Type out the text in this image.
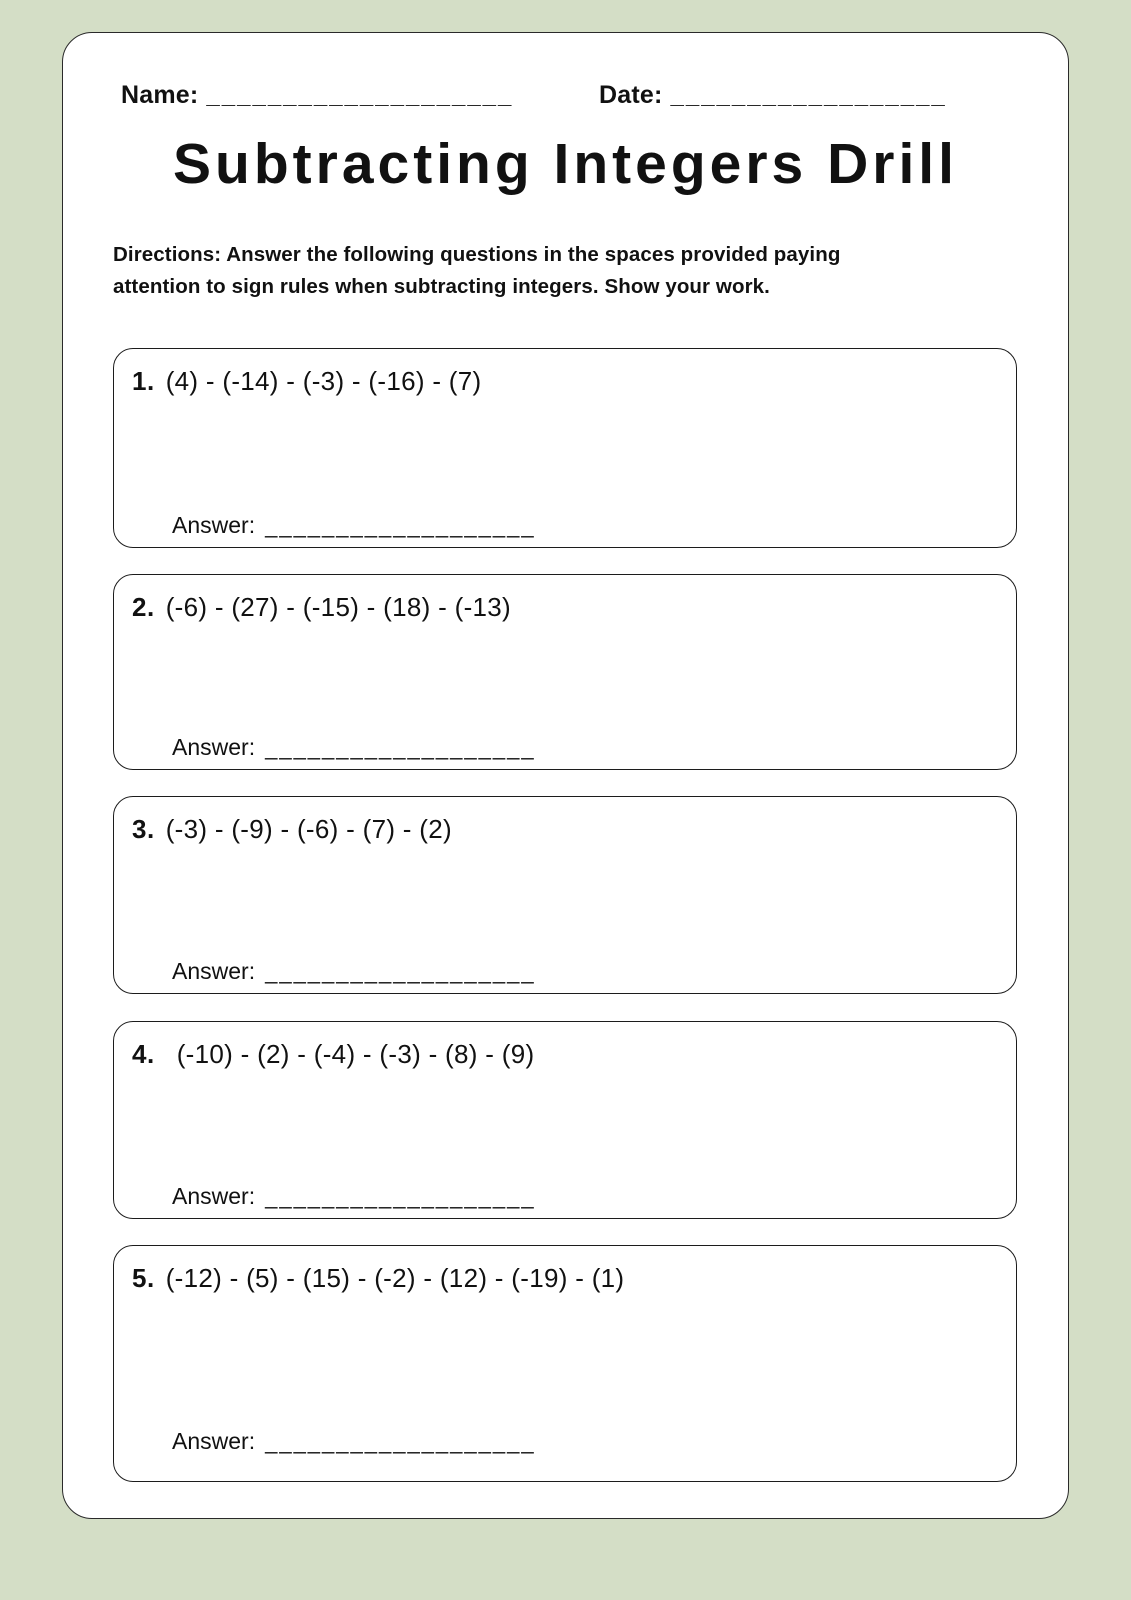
Name: ____________________	Date: __________________
Subtracting Integers Drill
Directions: Answer the following questions in the spaces provided paying
attention to sign rules when subtracting integers. Show your work.
1. (4) - (-14) - (-3) - (-16) - (7)
Answer: ___________________
2. (-6) - (27) - (-15) - (18) - (-13)
Answer: ___________________
3. (-3) - (-9) - (-6) - (7) - (2)
Answer: ___________________
4. (-10) - (2) - (-4) - (-3) - (8) - (9)
Answer: ___________________
5. (-12) - (5) - (15) - (-2) - (12) - (-19) - (1)
Answer: ___________________
